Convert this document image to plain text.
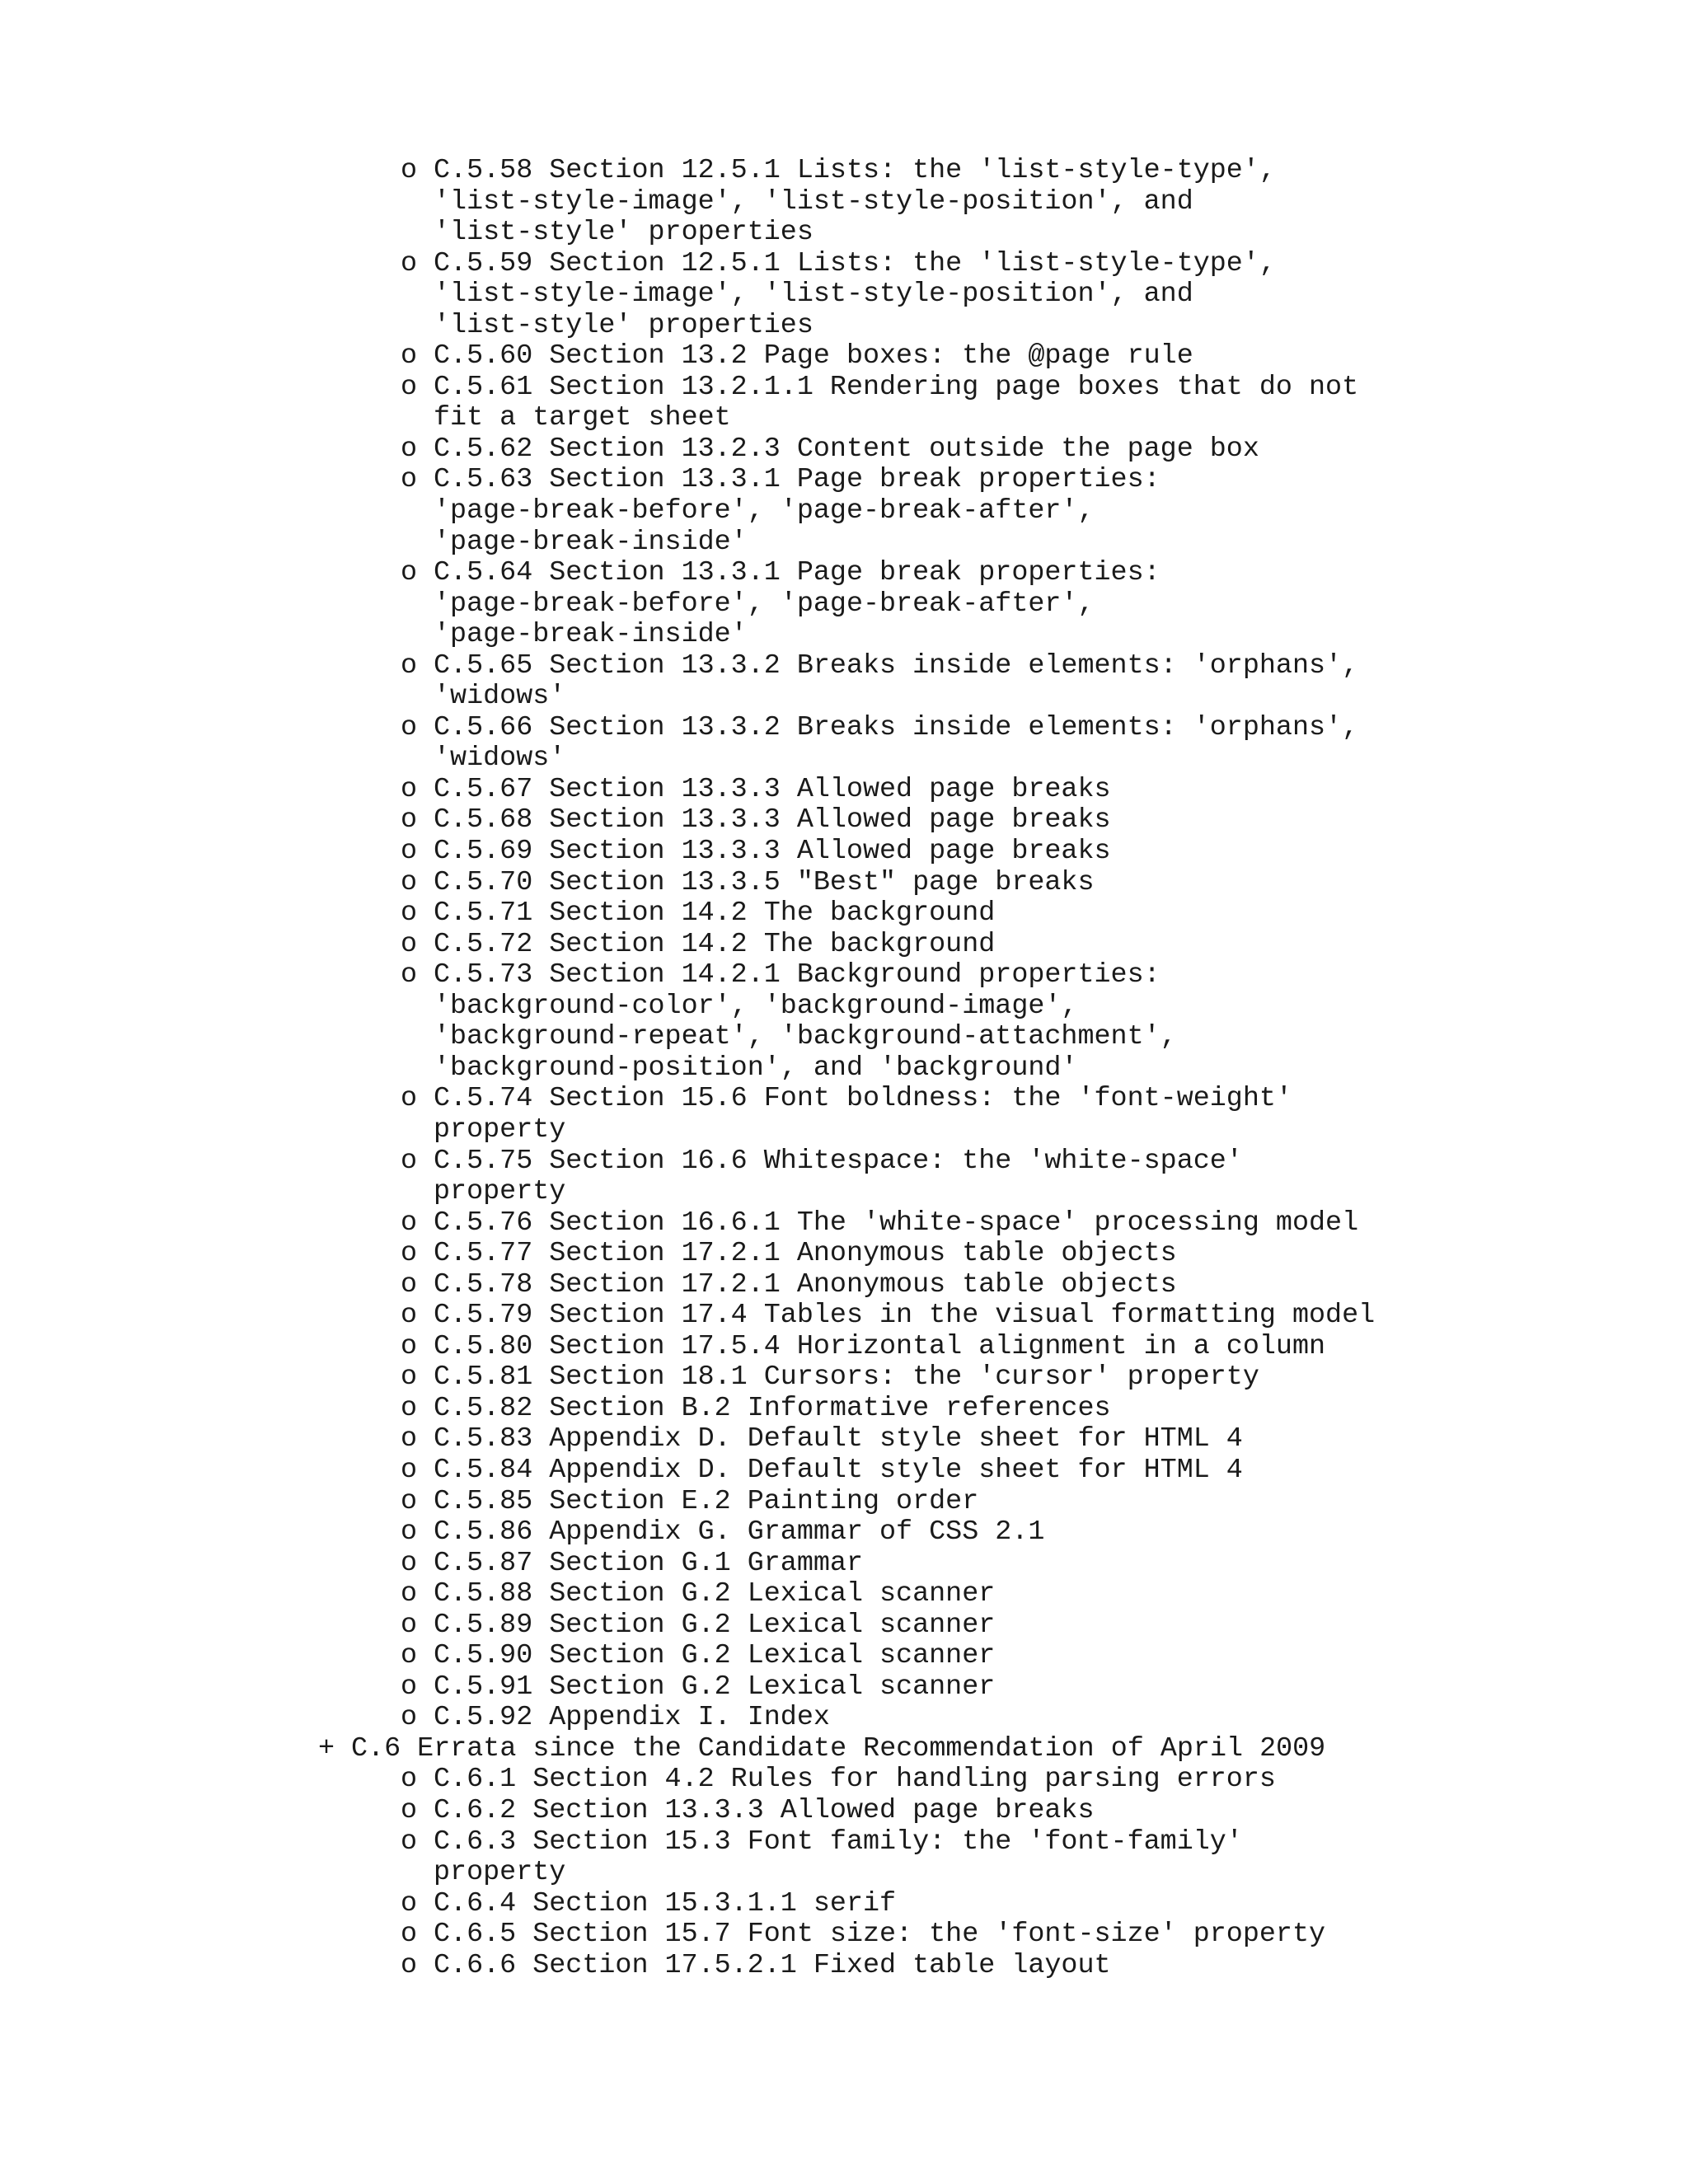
o C.5.58 Section 12.5.1 Lists: the 'list-style-type',
'list-style-image', 'list-style-position', and
'list-style' properties
o C.5.59 Section 12.5.1 Lists: the 'list-style-type',
'list-style-image', 'list-style-position', and
'list-style' properties
o C.5.60 Section 13.2 Page boxes: the @page rule
o C.5.61 Section 13.2.1.1 Rendering page boxes that do not
fit a target sheet
o C.5.62 Section 13.2.3 Content outside the page box
o C.5.63 Section 13.3.1 Page break properties:
'page-break-before', 'page-break-after',
'page-break-inside'
o C.5.64 Section 13.3.1 Page break properties:
'page-break-before', 'page-break-after',
'page-break-inside'
o C.5.65 Section 13.3.2 Breaks inside elements: 'orphans',
'widows'
o C.5.66 Section 13.3.2 Breaks inside elements: 'orphans',
'widows'
o C.5.67 Section 13.3.3 Allowed page breaks
o C.5.68 Section 13.3.3 Allowed page breaks
o C.5.69 Section 13.3.3 Allowed page breaks
o C.5.70 Section 13.3.5 "Best" page breaks
o C.5.71 Section 14.2 The background
o C.5.72 Section 14.2 The background
o C.5.73 Section 14.2.1 Background properties:
'background-color', 'background-image',
'background-repeat', 'background-attachment',
'background-position', and 'background'
o C.5.74 Section 15.6 Font boldness: the 'font-weight'
property
o C.5.75 Section 16.6 Whitespace: the 'white-space'
property
o C.5.76 Section 16.6.1 The 'white-space' processing model
o C.5.77 Section 17.2.1 Anonymous table objects
o C.5.78 Section 17.2.1 Anonymous table objects
o C.5.79 Section 17.4 Tables in the visual formatting model
o C.5.80 Section 17.5.4 Horizontal alignment in a column
o C.5.81 Section 18.1 Cursors: the 'cursor' property
o C.5.82 Section B.2 Informative references
o C.5.83 Appendix D. Default style sheet for HTML 4
o C.5.84 Appendix D. Default style sheet for HTML 4
o C.5.85 Section E.2 Painting order
o C.5.86 Appendix G. Grammar of CSS 2.1
o C.5.87 Section G.1 Grammar
o C.5.88 Section G.2 Lexical scanner
o C.5.89 Section G.2 Lexical scanner
o C.5.90 Section G.2 Lexical scanner
o C.5.91 Section G.2 Lexical scanner
o C.5.92 Appendix I. Index
+ C.6 Errata since the Candidate Recommendation of April 2009
o C.6.1 Section 4.2 Rules for handling parsing errors
o C.6.2 Section 13.3.3 Allowed page breaks
o C.6.3 Section 15.3 Font family: the 'font-family'
property
o C.6.4 Section 15.3.1.1 serif
o C.6.5 Section 15.7 Font size: the 'font-size' property
o C.6.6 Section 17.5.2.1 Fixed table layout
